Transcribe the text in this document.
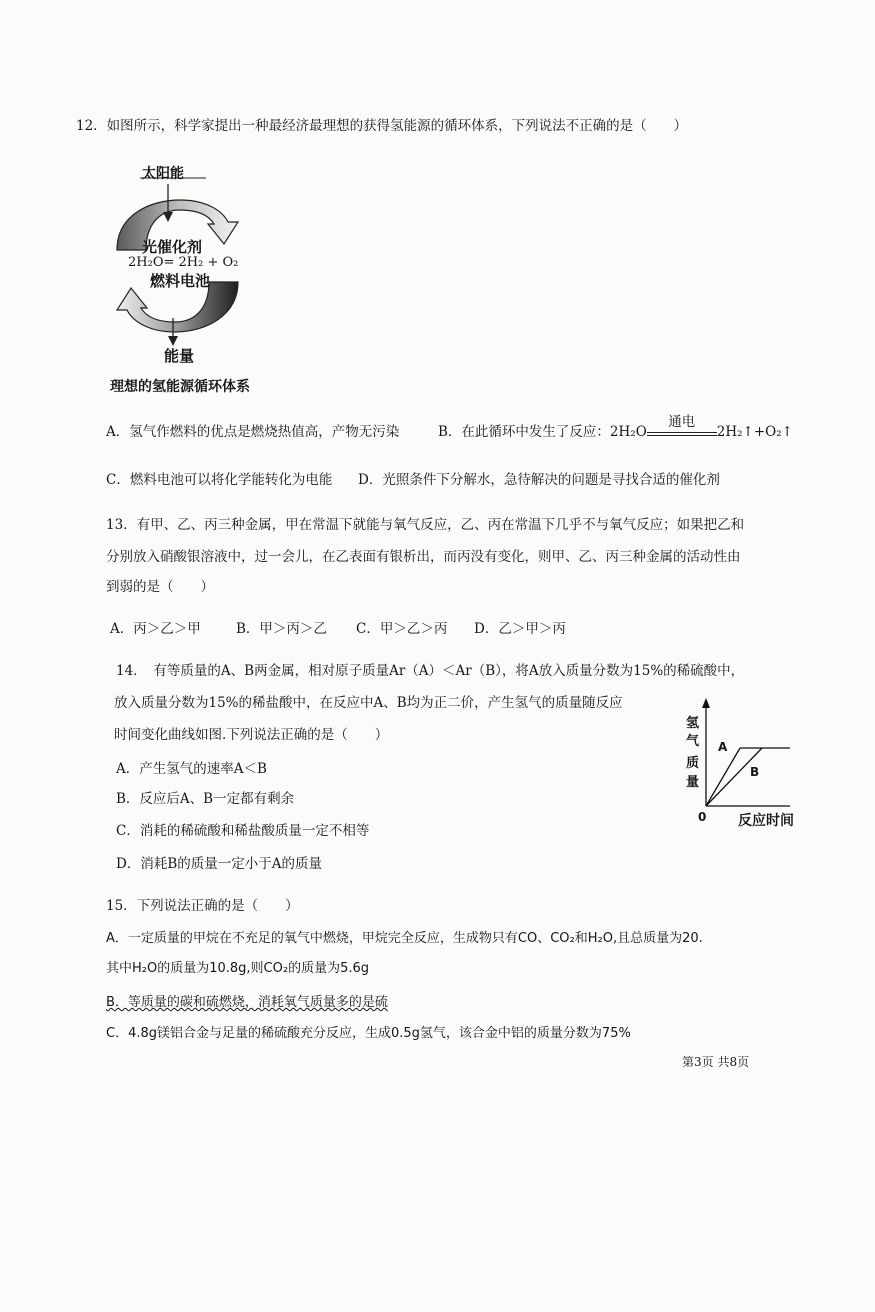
12．如图所示，科学家提出一种最经济最理想的获得氢能源的循环体系，下列说法不正确的是（　　）
太阳能
光催化剂
2H₂O= 2H₂ + O₂
燃料电池
能量
理想的氢能源循环体系
A．氢气作燃料的优点是燃烧热值高，产物无污染	B．在此循环中发生了反应：2H₂O
通电
2H₂↑+O₂↑
C．燃料电池可以将化学能转化为电能 D．光照条件下分解水，急待解决的问题是寻找合适的催化剂
13．有甲、乙、丙三种金属，甲在常温下就能与氧气反应，乙、丙在常温下几乎不与氧气反应；如果把乙和
分别放入硝酸银溶液中，过一会儿，在乙表面有银析出，而丙没有变化，则甲、乙、丙三种金属的活动性由
到弱的是（　　）
A．丙＞乙＞甲	B．甲＞丙＞乙 C．甲＞乙＞丙 D．乙＞甲＞丙
14．　有等质量的A、B两金属，相对原子质量Ar（A）＜Ar（B），将A放入质量分数为15%的稀硫酸中，
放入质量分数为15%的稀盐酸中，在反应中A、B均为正二价，产生氢气的质量随反应
时间变化曲线如图.下列说法正确的是（　　）
A．产生氢气的速率A＜B
B．反应后A、B一定都有剩余
C．消耗的稀硫酸和稀盐酸质量一定不相等
D．消耗B的质量一定小于A的质量
氢
气
质
量
0 反应时间
A
B
15．下列说法正确的是（　　）
A．一定质量的甲烷在不充足的氧气中燃烧，甲烷完全反应，生成物只有CO、CO₂和H₂O,且总质量为20.
其中H₂O的质量为10.8g,则CO₂的质量为5.6g
B．等质量的碳和硫燃烧，消耗氧气质量多的是硫
C．4.8g镁铝合金与足量的稀硫酸充分反应，生成0.5g氢气，该合金中铝的质量分数为75%
第3页 共8页
